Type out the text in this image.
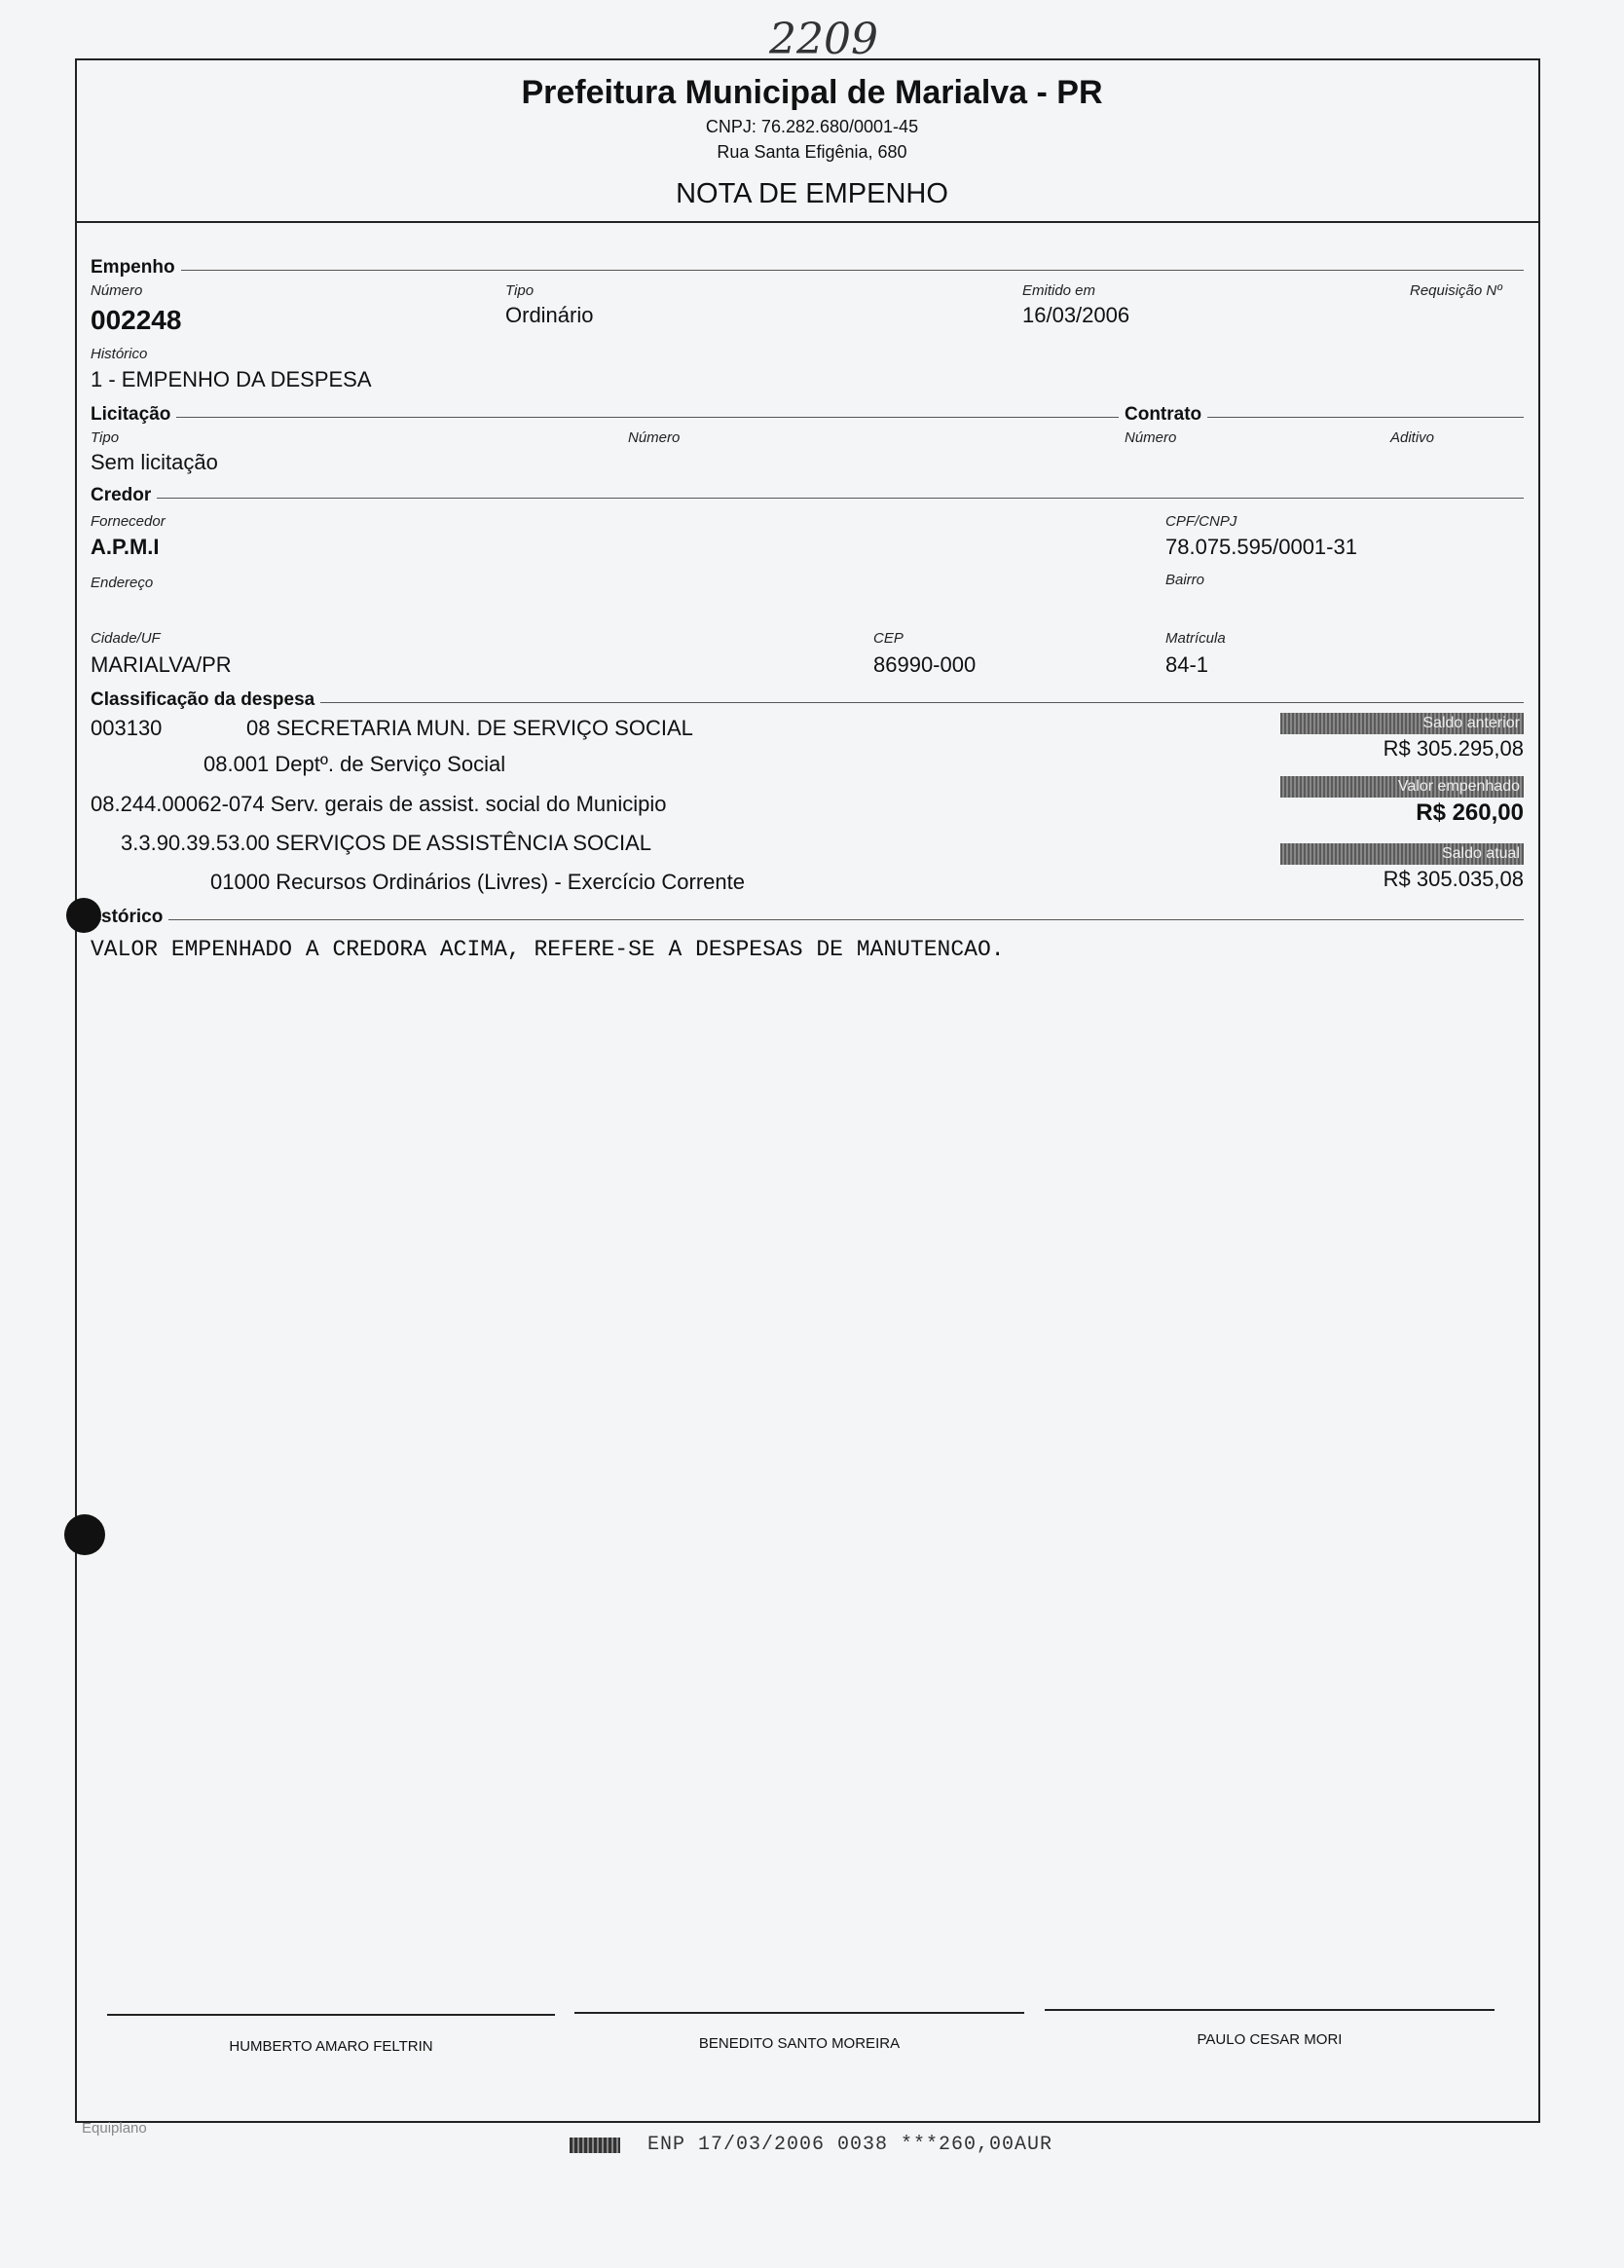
2209
Prefeitura Municipal de Marialva - PR
CNPJ: 76.282.680/0001-45
Rua Santa Efigênia, 680
NOTA DE EMPENHO
Empenho
Número
002248
Tipo
Ordinário
Emitido em
16/03/2006
Requisição Nº
Histórico
1 - EMPENHO DA DESPESA
Licitação	Contrato
Tipo
Sem licitação
Número	Número	Aditivo
Credor
Fornecedor
A.P.M.I
CPF/CNPJ
78.075.595/0001-31
Endereço	Bairro
Cidade/UF
MARIALVA/PR
CEP
86990-000
Matrícula
84-1
Classificação da despesa
003130	08 SECRETARIA MUN. DE SERVIÇO SOCIAL
08.001 Deptº. de Serviço Social
08.244.00062-074 Serv. gerais de assist. social do Municipio
3.3.90.39.53.00 SERVIÇOS DE ASSISTÊNCIA SOCIAL
01000 Recursos Ordinários (Livres) - Exercício Corrente
Saldo anterior
R$ 305.295,08
Valor empenhado
R$ 260,00
Saldo atual
R$ 305.035,08
stórico
VALOR EMPENHADO A CREDORA ACIMA, REFERE-SE A DESPESAS DE MANUTENCAO.
HUMBERTO AMARO FELTRIN	BENEDITO SANTO MOREIRA	PAULO CESAR MORI
Equiplano
ENP 17/03/2006 0038 ***260,00AUR
